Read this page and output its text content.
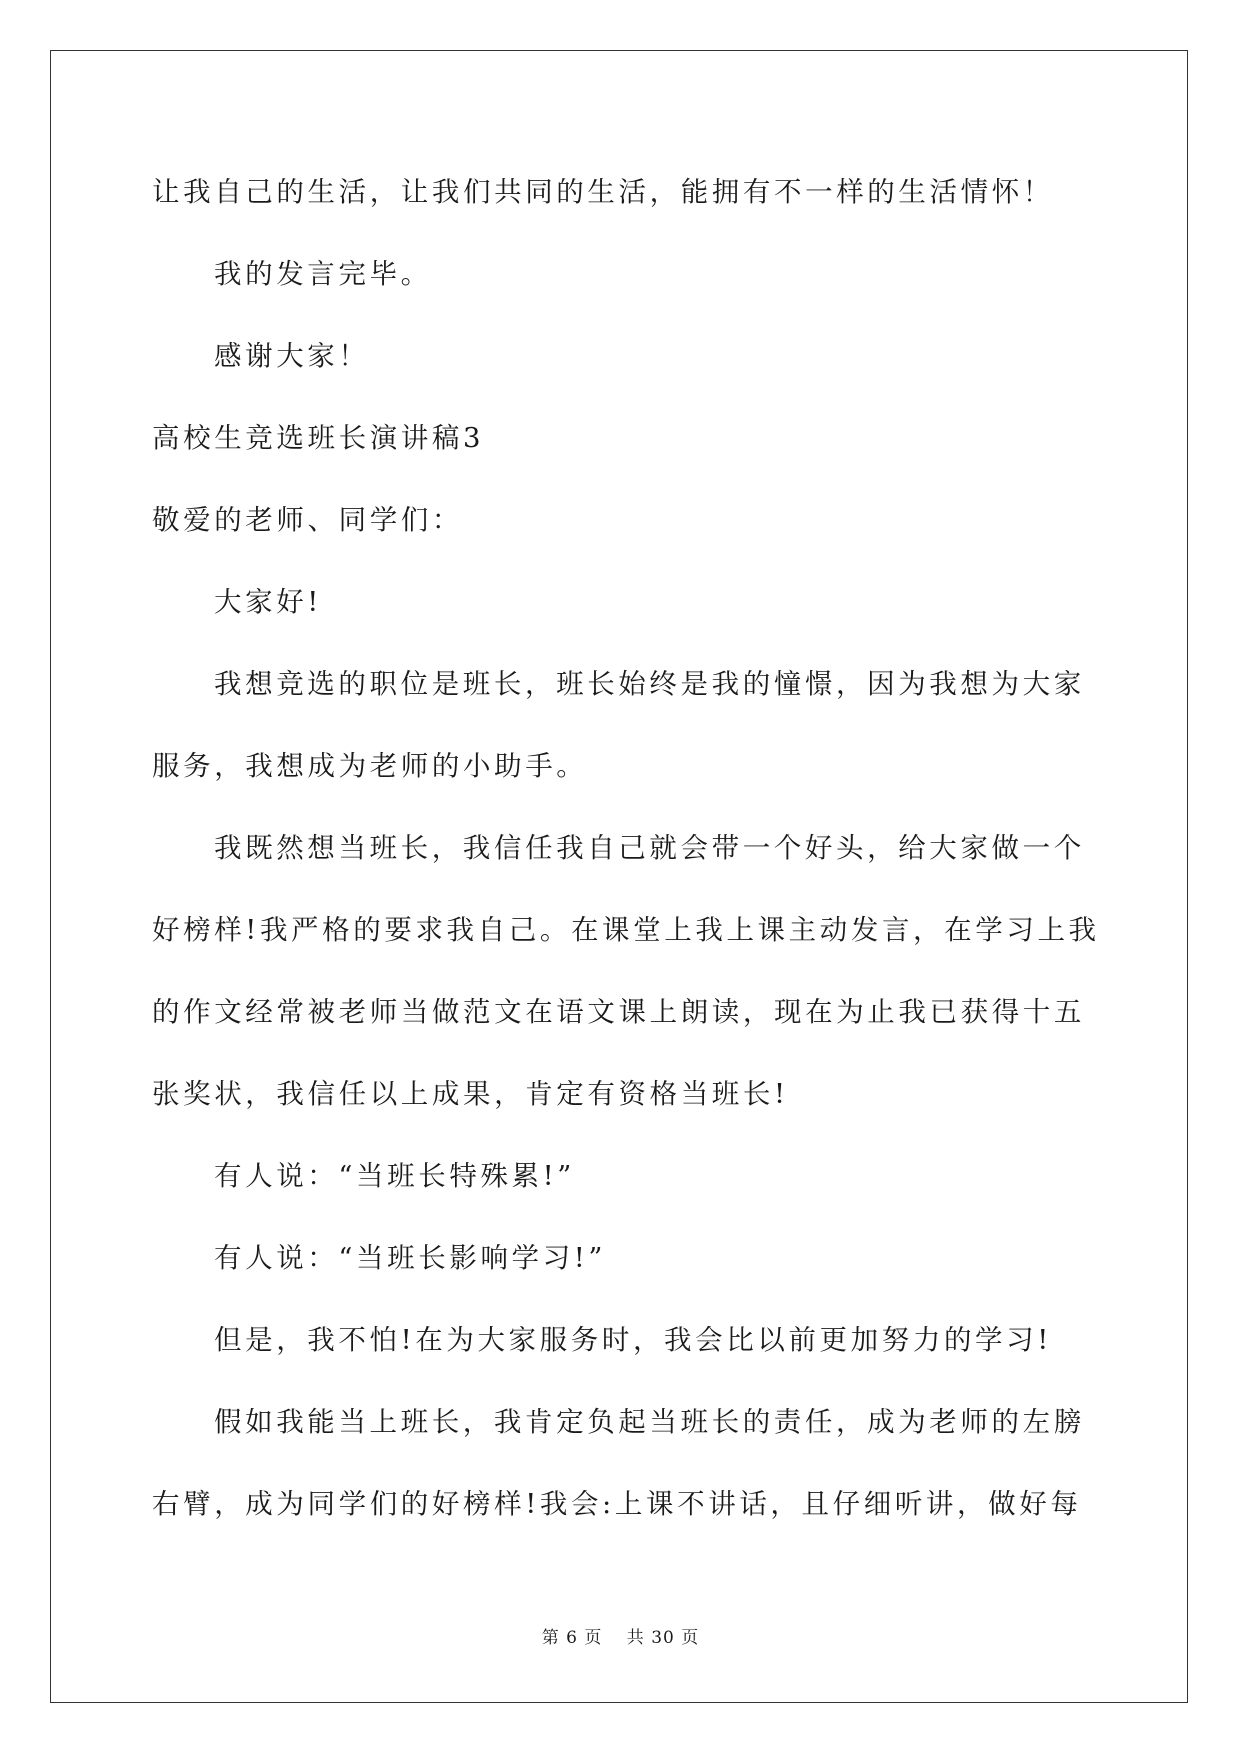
让我自己的生活，让我们共同的生活，能拥有不一样的生活情怀！
我的发言完毕。
感谢大家！
高校生竞选班长演讲稿3
敬爱的老师、同学们：
大家好!
我想竞选的职位是班长，班长始终是我的憧憬，因为我想为大家
服务，我想成为老师的小助手。
我既然想当班长，我信任我自己就会带一个好头，给大家做一个
好榜样!我严格的要求我自己。在课堂上我上课主动发言，在学习上我
的作文经常被老师当做范文在语文课上朗读，现在为止我已获得十五
张奖状，我信任以上成果，肯定有资格当班长!
有人说：“当班长特殊累!”
有人说：“当班长影响学习!”
但是，我不怕!在为大家服务时，我会比以前更加努力的学习!
假如我能当上班长，我肯定负起当班长的责任，成为老师的左膀
右臂，成为同学们的好榜样!我会:上课不讲话，且仔细听讲，做好每
第 6 页　 共 30 页
